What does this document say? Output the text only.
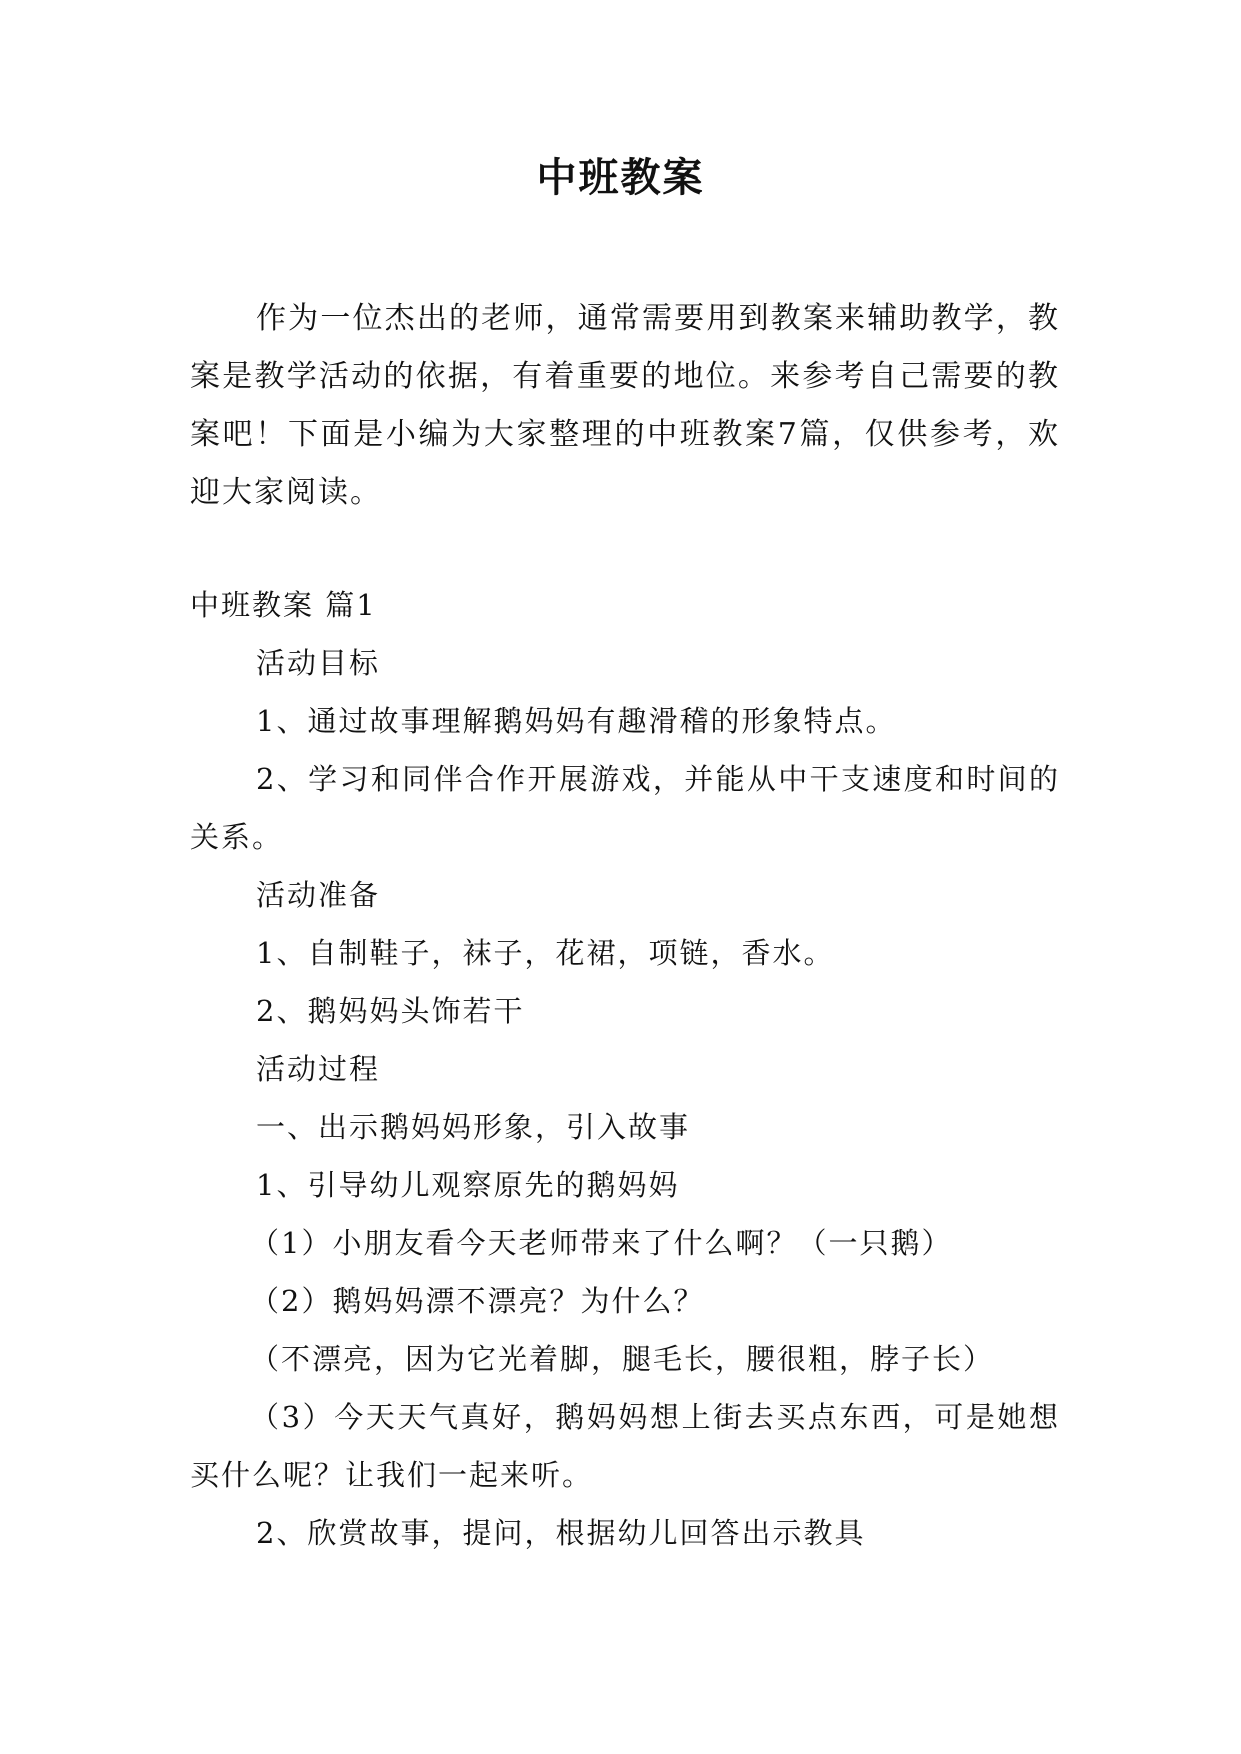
中班教案

作为一位杰出的老师，通常需要用到教案来辅助教学，教案是教学活动的依据，有着重要的地位。来参考自己需要的教案吧！下面是小编为大家整理的中班教案7篇，仅供参考，欢迎大家阅读。

中班教案 篇1

活动目标

1、通过故事理解鹅妈妈有趣滑稽的形象特点。

2、学习和同伴合作开展游戏，并能从中干支速度和时间的关系。

活动准备

1、自制鞋子，袜子，花裙，项链，香水。

2、鹅妈妈头饰若干

活动过程

一、出示鹅妈妈形象，引入故事

1、引导幼儿观察原先的鹅妈妈

（1）小朋友看今天老师带来了什么啊？（一只鹅）

（2）鹅妈妈漂不漂亮？为什么？

（不漂亮，因为它光着脚，腿毛长，腰很粗，脖子长）

（3）今天天气真好，鹅妈妈想上街去买点东西，可是她想买什么呢？让我们一起来听。

2、欣赏故事，提问，根据幼儿回答出示教具
